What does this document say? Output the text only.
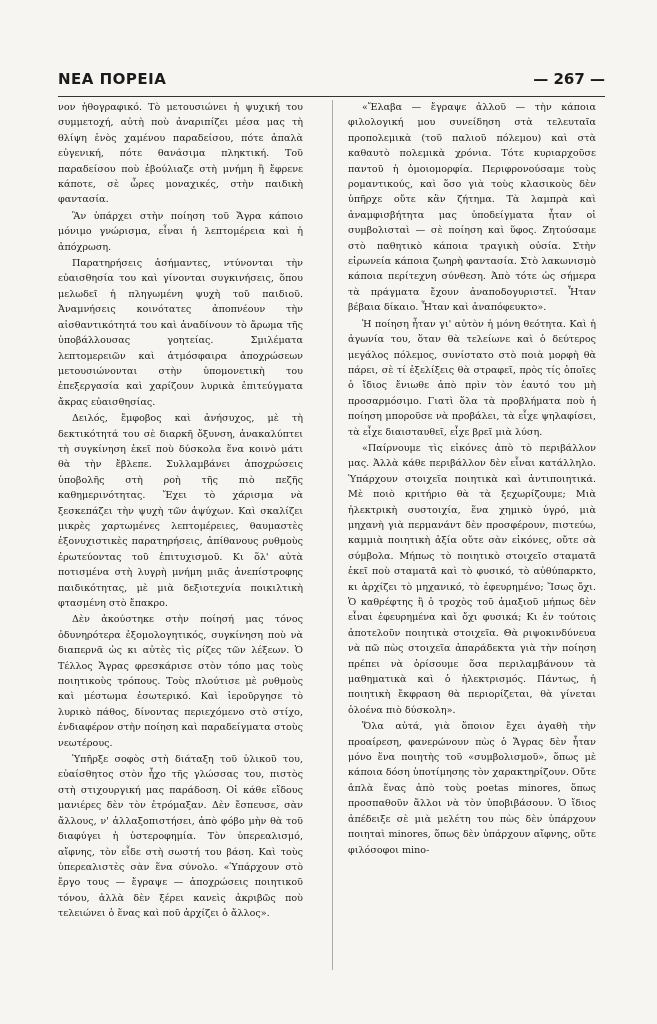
ΝΕΑ ΠΟΡΕΙΑ	— 267 —

νον ἠθογραφικό. Τὸ μετουσιώνει ἡ ψυχική του συμμετοχή, αὐτὴ ποὺ ἀναριπίζει μέσα μας τὴ θλίψη ἑνὸς χαμένου παραδείσου, πότε ἁπαλὰ εὐγενική, πότε θανάσιμα πληκτική. Τοῦ παραδείσου ποὺ ἐβούλιαζε στὴ μνήμη ἢ ἔφρενε κάποτε, σὲ ὧρες μοναχικές, στὴν παιδικὴ φαντασία.

Ἂν ὑπάρχει στὴν ποίηση τοῦ Ἄγρα κάποιο μόνιμο γνώρισμα, εἶναι ἡ λεπτομέρεια καὶ ἡ ἀπόχρωση.

Παρατηρήσεις ἀσήμαντες, ντύνονται τὴν εὐαισθησία του καὶ γίνονται συγκινήσεις, ὅπου μελωδεῖ ἡ πληγωμένη ψυχὴ τοῦ παιδιοῦ. Ἀναμνήσεις κοινότατες ἀποπνέουν τὴν αἰσθαντικότητά του καὶ ἀναδίνουν τὸ ἄρωμα τῆς ὑποβάλλουσας γοητείας. Σμιλέματα λεπτομερειῶν καὶ ἀτμόσφαιρα ἀποχρώσεων μετουσιώνονται στὴν ὑπομονετικὴ του ἐπεξεργασία καὶ χαρίζουν λυρικὰ ἐπιτεύγματα ἄκρας εὐαισθησίας.

Δειλός, ἔμφοβος καὶ ἀνήσυχος, μὲ τὴ δεκτικότητά του σὲ διαρκῆ ὄξυνση, ἀνακαλύπτει τὴ συγκίνηση ἐκεῖ ποὺ δύσκολα ἕνα κοινὸ μάτι θὰ τὴν ἔβλεπε. Συλλαμβάνει ἀποχρώσεις ὑποβολῆς στὴ ροὴ τῆς πιὸ πεζῆς καθημερινότητας. Ἔχει τὸ χάρισμα νὰ ξεσκεπάζει τὴν ψυχὴ τῶν ἀψύχων. Καὶ σκαλίζει μικρὲς χαρτωμένες λεπτομέρειες, θαυμαστὲς ἐξονυχιστικὲς παρατηρήσεις, ἀπίθανους ρυθμοὺς ἐρωτεύοντας τοῦ ἐπιτυχισμοῦ. Κι ὅλ' αὐτὰ ποτισμένα στὴ λυγρὴ μνήμη μιᾶς ἀνεπίστροφης παιδικότητας, μὲ μιὰ δεξιοτεχνία ποικιλτικὴ φτασμένη στὸ ἔπακρο.

Δὲν ἀκούστηκε στὴν ποίησή μας τόνος ὀδυνηρότερα ἐξομολογητικός, συγκίνηση ποὺ νὰ διαπερνᾶ ὡς κι αὐτὲς τὶς ρίζες τῶν λέξεων. Ὁ Τέλλος Ἄγρας φρεσκάρισε στὸν τόπο μας τοὺς ποιητικοὺς τρόπους. Τοὺς πλούτισε μὲ ρυθμοὺς καὶ μέστωμα ἐσωτερικό. Καὶ ἱεροῦργησε τὸ λυρικὸ πάθος, δίνοντας περιεχόμενο στὸ στίχο, ἐνδιαφέρον στὴν ποίηση καὶ παραδείγματα στοὺς νεωτέρους.

Ὑπῆρξε σοφὸς στὴ διάταξη τοῦ ὑλικοῦ του, εὐαίσθητος στὸν ἦχο τῆς γλώσσας του, πιστὸς στὴ στιχουργική μας παράδοση. Οἱ κάθε εἴδους μανιέρες δὲν τὸν ἐτρόμαξαν. Δὲν ἔσπευσε, σὰν ἄλλους, ν' ἀλλαξοπιστήσει, ἀπὸ φόβο μὴν θὰ τοῦ διαφύγει ἡ ὑστεροφημία. Τὸν ὑπερεαλισμό, αἴφνης, τὸν εἶδε στὴ σωστή του βάση. Καὶ τοὺς ὑπερεαλιστὲς σὰν ἕνα σύνολο. «Ὑπάρχουν στὸ ἔργο τους — ἔγραψε — ἀποχρώσεις ποιητικοῦ τόνου, ἀλλὰ δὲν ξέρει κανεὶς ἀκριβῶς ποὺ τελειώνει ὁ ἕνας καὶ ποῦ ἀρχίζει ὁ ἄλλος».

«Ἔλαβα — ἔγραψε ἀλλοῦ — τὴν κάποια φιλολογική μου συνείδηση στὰ τελευταῖα προπολεμικὰ (τοῦ παλιοῦ πόλεμου) καὶ στὰ καθαυτὸ πολεμικὰ χρόνια. Τότε κυριαρχοῦσε παντοῦ ἡ ὁμοιομορφία. Περιφρονούσαμε τοὺς ρομαντικούς, καὶ ὅσο γιὰ τοὺς κλασικοὺς δὲν ὑπῆρχε οὔτε κἂν ζήτημα. Τὰ λαμπρὰ καὶ ἀναμφισβήτητα μας ὑποδείγματα ἦταν οἱ συμβολισταὶ — σὲ ποίηση καὶ ὕφος. Ζητούσαμε στὸ παθητικὸ κάποια τραγικὴ οὐσία. Στὴν εἰρωνεία κάποια ζωηρὴ φαντασία. Στὸ λακωνισμὸ κάποια περίτεχνη σύνθεση. Ἀπὸ τότε ὡς σήμερα τὰ πράγματα ἔχουν ἀναποδογυριστεῖ. Ἦταν βέβαια δίκαιο. Ἦταν καὶ ἀναπόφευκτο».

Ἡ ποίηση ἦταν γι' αὐτὸν ἡ μόνη θεότητα. Καὶ ἡ ἀγωνία του, ὅταν θὰ τελείωνε καὶ ὁ δεύτερος μεγάλος πόλεμος, συνίστατο στὸ ποιὰ μορφὴ θὰ πάρει, σὲ τί ἐξελίξεις θὰ στραφεῖ, πρὸς τίς ὁποῖες ὁ ἴδιος ἔνιωθε ἀπὸ πρὶν τὸν ἑαυτό του μὴ προσαρμόσιμο. Γιατὶ ὅλα τὰ προβλήματα ποὺ ἡ ποίηση μποροῦσε νὰ προβάλει, τὰ εἶχε ψηλαφίσει, τὰ εἶχε διαισταυθεῖ, εἶχε βρεῖ μιὰ λύση.

«Παίρνουμε τὶς εἰκόνες ἀπὸ τὸ περιβάλλον μας. Ἀλλὰ κάθε περιβάλλον δὲν εἶναι κατάλληλο. Ὑπάρχουν στοιχεῖα ποιητικὰ καὶ ἀντιποιητικά. Μὲ ποιὸ κριτήριο θὰ τὰ ξεχωρίζουμε; Μιὰ ἠλεκτρικὴ συστοιχία, ἕνα χημικὸ ὑγρό, μιὰ μηχανὴ γιὰ περμανάντ δὲν προσφέρουν, πιστεύω, καμμιὰ ποιητικὴ ἀξία οὔτε σὰν εἰκόνες, οὔτε σὰ σύμβολα. Μήπως τὸ ποιητικὸ στοιχεῖο σταματᾶ ἐκεῖ ποὺ σταματᾶ καὶ τὸ φυσικό, τὸ αὐθύπαρκτο, κι ἀρχίζει τὸ μηχανικό, τὸ ἐφευρημένο; Ἴσως ὄχι. Ὁ καθρέφτης ἢ ὁ τροχὸς τοῦ ἁμαξιοῦ μήπως δὲν εἶναι ἐφευρημένα καὶ ὄχι φυσικά; Κι ἐν τούτοις ἀποτελοῦν ποιητικὰ στοιχεῖα. Θὰ ριψοκινδύνευα νὰ πῶ πὼς στοιχεῖα ἀπαράδεκτα γιὰ τὴν ποίηση πρέπει νὰ ὁρίσουμε ὅσα περιλαμβάνουν τὰ μαθηματικὰ καὶ ὁ ἠλεκτρισμός. Πάντως, ἡ ποιητικὴ ἔκφραση θὰ περιορίζεται, θὰ γίνεται ὁλοένα πιὸ δύσκολη».

Ὅλα αὐτά, γιὰ ὅποιον ἔχει ἀγαθὴ τὴν προαίρεση, φανερώνουν πὼς ὁ Ἄγρας δὲν ἦταν μόνο ἕνα ποιητὴς τοῦ «συμβολισμοῦ», ὅπως μὲ κάποια δόση ὑποτίμησης τὸν χαρακτηρίζουν. Οὔτε ἁπλὰ ἕνας ἀπὸ τοὺς poetas minores, ὅπως προσπαθοῦν ἄλλοι νὰ τὸν ὑποβιβάσουν. Ὁ ἴδιος ἀπέδειξε σὲ μιὰ μελέτη του πὼς δὲν ὑπάρχουν ποιηταὶ minores, ὅπως δὲν ὑπάρχουν αἴφνης, οὔτε φιλόσοφοι mino-
